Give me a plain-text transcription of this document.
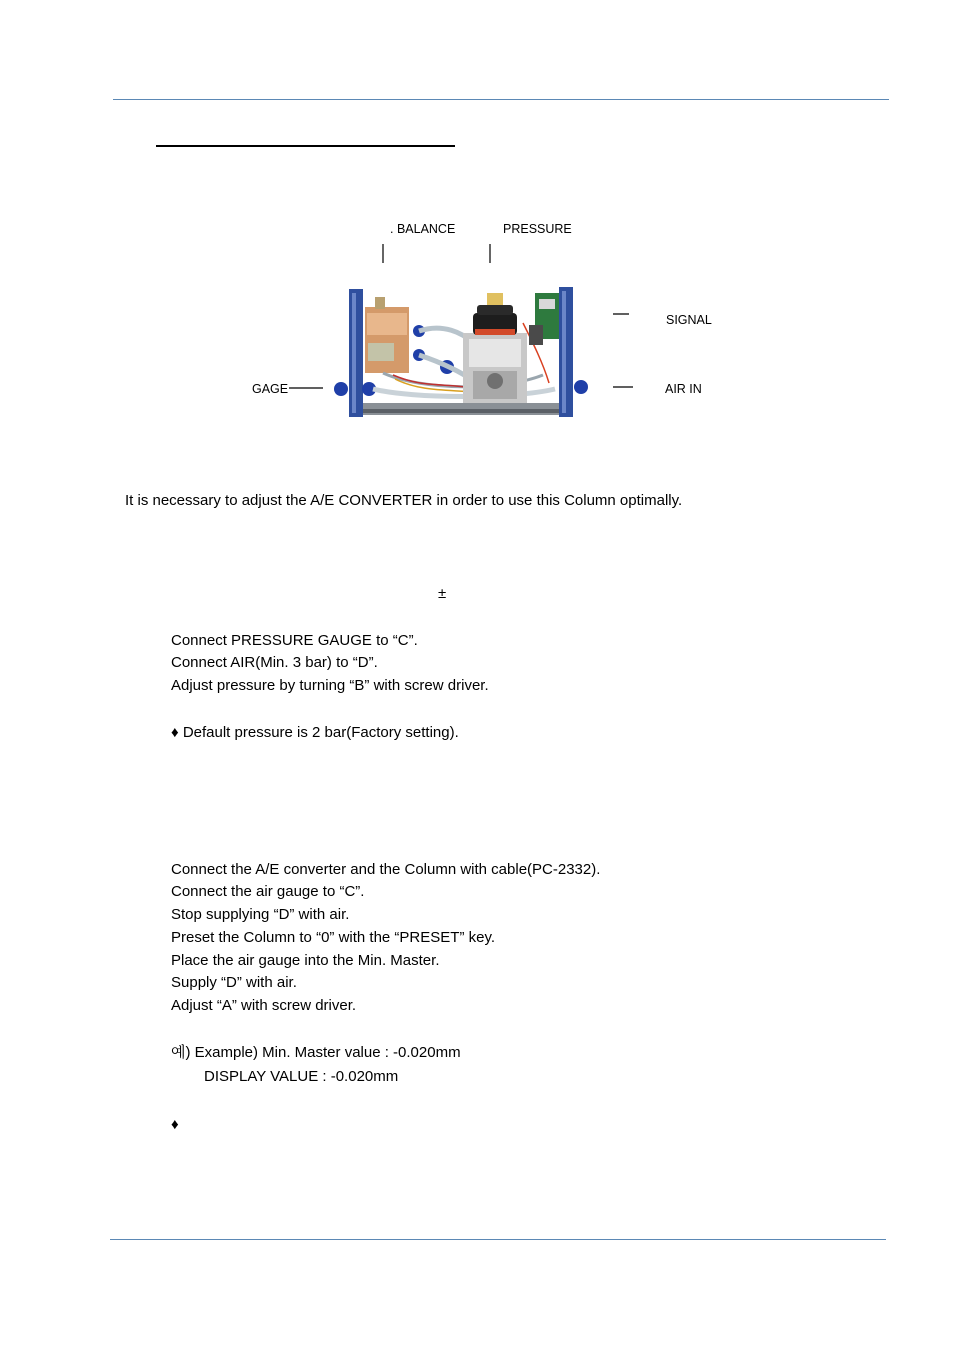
. BALANCE	PRESSURE
SIGNAL
GAGE	AIR IN
It is necessary to adjust the A/E CONVERTER in order to use this Column optimally.
±
Connect PRESSURE GAUGE to “C”.
Connect AIR(Min. 3 bar) to “D”.
Adjust pressure by turning “B” with screw driver.
♦ Default pressure is 2 bar(Factory setting).
Connect the A/E converter and the Column with cable(PC-2332).
Connect the air gauge to “C”.
Stop supplying “D” with air.
Preset the Column to “0” with the “PRESET” key.
Place the air gauge into the Min. Master.
Supply “D” with air.
Adjust “A” with screw driver.
예) Example) Min. Master value : -0.020mm
DISPLAY VALUE : -0.020mm
♦
